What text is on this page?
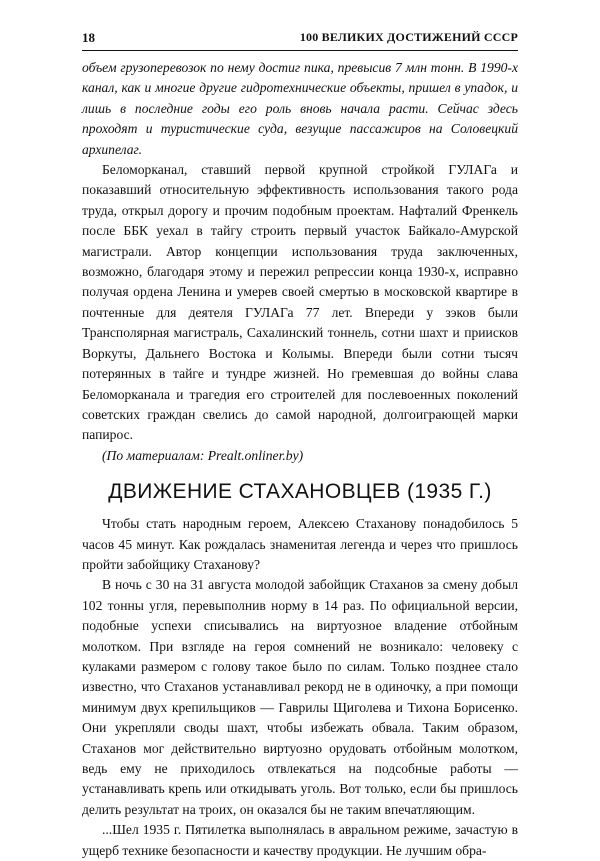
18	100 ВЕЛИКИХ ДОСТИЖЕНИЙ СССР

объем грузоперевозок по нему достиг пика, превысив 7 млн тонн. В 1990-х канал, как и многие другие гидротехнические объекты, пришел в упадок, и лишь в последние годы его роль вновь начала расти. Сейчас здесь проходят и туристические суда, везущие пассажиров на Соловецкий архипелаг.

Беломорканал, ставший первой крупной стройкой ГУЛАГа и показавший относительную эффективность использования такого рода труда, открыл дорогу и прочим подобным проектам. Нафталий Френкель после ББК уехал в тайгу строить первый участок Байкало-Амурской магистрали. Автор концепции использования труда заключенных, возможно, благодаря этому и пережил репрессии конца 1930-х, исправно получая ордена Ленина и умерев своей смертью в московской квартире в почтенные для деятеля ГУЛАГа 77 лет. Впереди у зэков были Трансполярная магистраль, Сахалинский тоннель, сотни шахт и приисков Воркуты, Дальнего Востока и Колымы. Впереди были сотни тысяч потерянных в тайге и тундре жизней. Но гремевшая до войны слава Беломорканала и трагедия его строителей для послевоенных поколений советских граждан свелись до самой народной, долгоиграющей марки папирос.

(По материалам: Prealt.onliner.by)

ДВИЖЕНИЕ СТАХАНОВЦЕВ (1935 Г.)

Чтобы стать народным героем, Алексею Стаханову понадобилось 5 часов 45 минут. Как рождалась знаменитая легенда и через что пришлось пройти забойщику Стаханову?

В ночь с 30 на 31 августа молодой забойщик Стаханов за смену добыл 102 тонны угля, перевыполнив норму в 14 раз. По официальной версии, подобные успехи списывались на виртуозное владение отбойным молотком. При взгляде на героя сомнений не возникало: человеку с кулаками размером с голову такое было по силам. Только позднее стало известно, что Стаханов устанавливал рекорд не в одиночку, а при помощи минимум двух крепильщиков — Гаврилы Щиголева и Тихона Борисенко. Они укрепляли своды шахт, чтобы избежать обвала. Таким образом, Стаханов мог действительно виртуозно орудовать отбойным молотком, ведь ему не приходилось отвлекаться на подсобные работы —устанавливать крепь или откидывать уголь. Вот только, если бы пришлось делить результат на троих, он оказался бы не таким впечатляющим.

...Шел 1935 г. Пятилетка выполнялась в авральном режиме, зачастую в ущерб технике безопасности и качеству продукции. Не лучшим обра-
